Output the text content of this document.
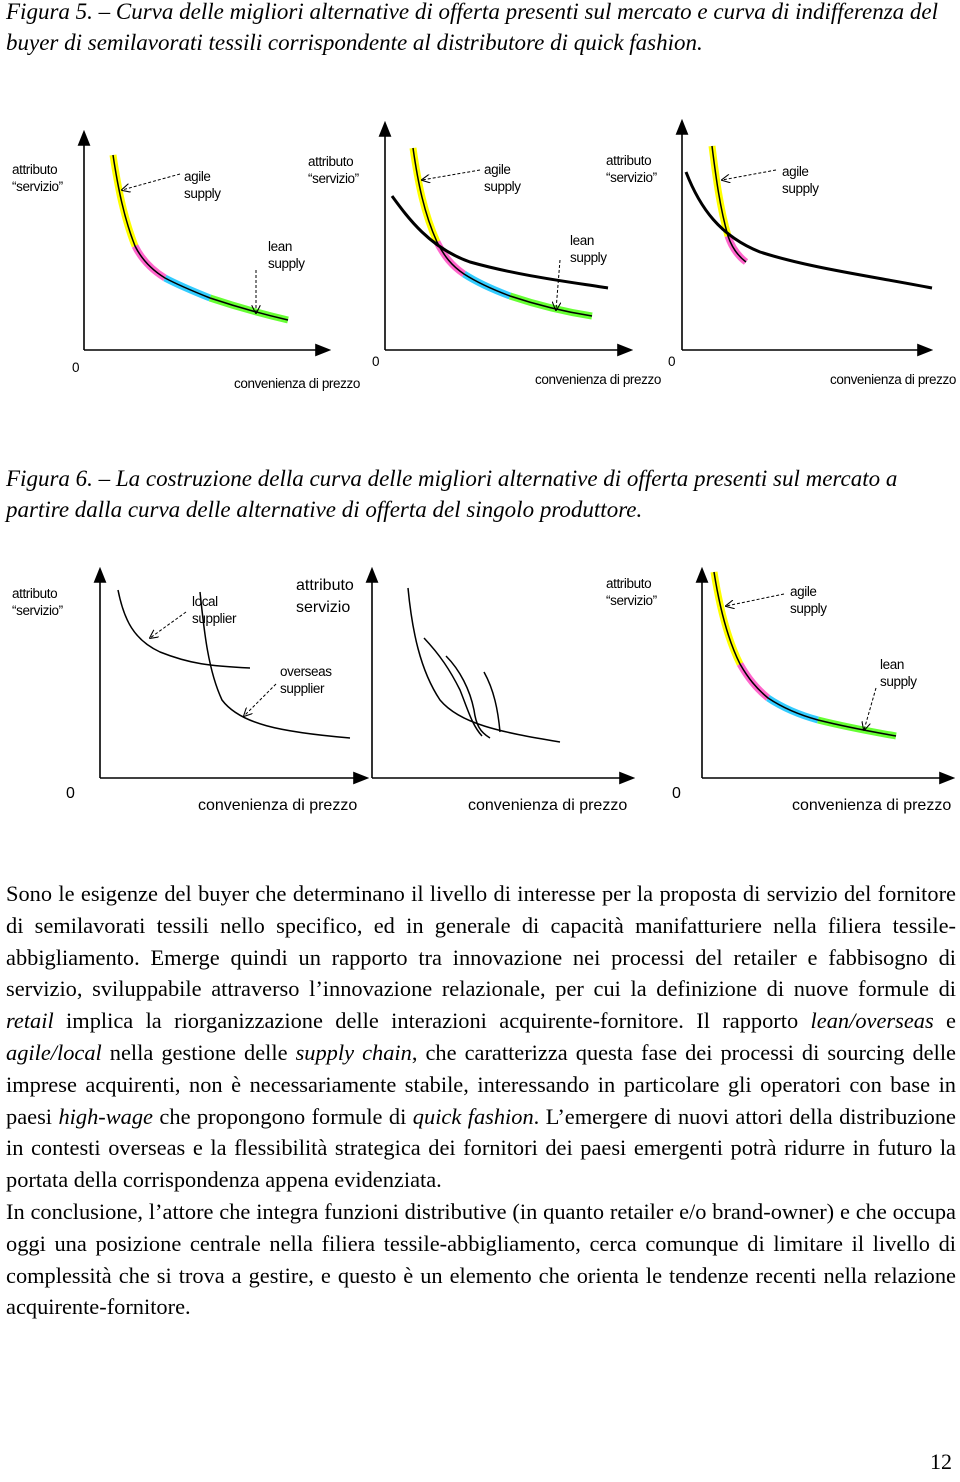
Figura 5. – Curva delle migliori alternative di offerta presenti sul mercato e curva di indifferenza del buyer di semilavorati tessili corrispondente al distributore di quick fashion.
attributo
“servizio”
agile
supply
lean
supply
0
convenienza di prezzo
attributo
“servizio”
agile
supply
lean
supply
0
convenienza di prezzo
attributo
“servizio”	agile
supply
0
convenienza di prezzo
Figura 6. – La costruzione della curva delle migliori alternative di offerta presenti sul mercato a partire dalla curva delle alternative di offerta del singolo produttore.
attributo
“servizio”
local
supplier
overseas
supplier
0
convenienza di prezzo
attributo
servizio
convenienza di prezzo
attributo
“servizio”
agile
supply
lean
supply
0
convenienza di prezzo

Sono le esigenze del buyer che determinano il livello di interesse per la proposta di servizio del fornitore di semilavorati tessili nello specifico, ed in generale di capacità manifatturiere nella filiera tessile-abbigliamento. Emerge quindi un rapporto tra innovazione nei processi del retailer e fabbisogno di servizio, sviluppabile attraverso l’innovazione relazionale, per cui la definizione di nuove formule di retail implica la riorganizzazione delle interazioni acquirente-fornitore. Il rapporto lean/overseas e agile/local nella gestione delle supply chain, che caratterizza questa fase dei processi di sourcing delle imprese acquirenti, non è necessariamente stabile, interessando in particolare gli operatori con base in paesi high-wage che propongono formule di quick fashion. L’emergere di nuovi attori della distribuzione in contesti overseas e la flessibilità strategica dei fornitori dei paesi emergenti potrà ridurre in futuro la portata della corrispondenza appena evidenziata.

In conclusione, l’attore che integra funzioni distributive (in quanto retailer e/o brand-owner) e che occupa oggi una posizione centrale nella filiera tessile-abbigliamento, cerca comunque di limitare il livello di complessità che si trova a gestire, e questo è un elemento che orienta le tendenze recenti nella relazione acquirente-fornitore.

12
